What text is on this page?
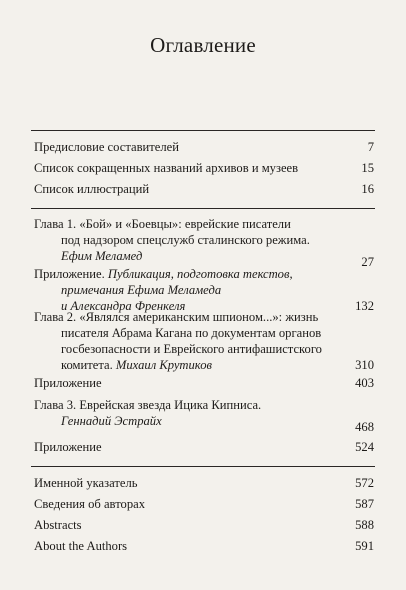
Оглавление
Предисловие составителей	7
Список сокращенных названий архивов и музеев	15
Список иллюстраций	16
Глава 1. «Бой» и «Боевцы»: еврейские писатели
под надзором спецслужб сталинского режима.
Ефим Меламед	27
Приложение. Публикация, подготовка текстов,
примечания Ефима Меламеда
и Александра Френкеля	132
Глава 2. «Являлся американским шпионом...»: жизнь
писателя Абрама Кагана по документам органов
госбезопасности и Еврейского антифашистского
комитета. Михаил Крутиков	310
Приложение	403
Глава 3. Еврейская звезда Ицика Кипниса.
Геннадий Эстрайх	468
Приложение	524
Именной указатель	572
Сведения об авторах	587
Abstracts	588
About the Authors	591
